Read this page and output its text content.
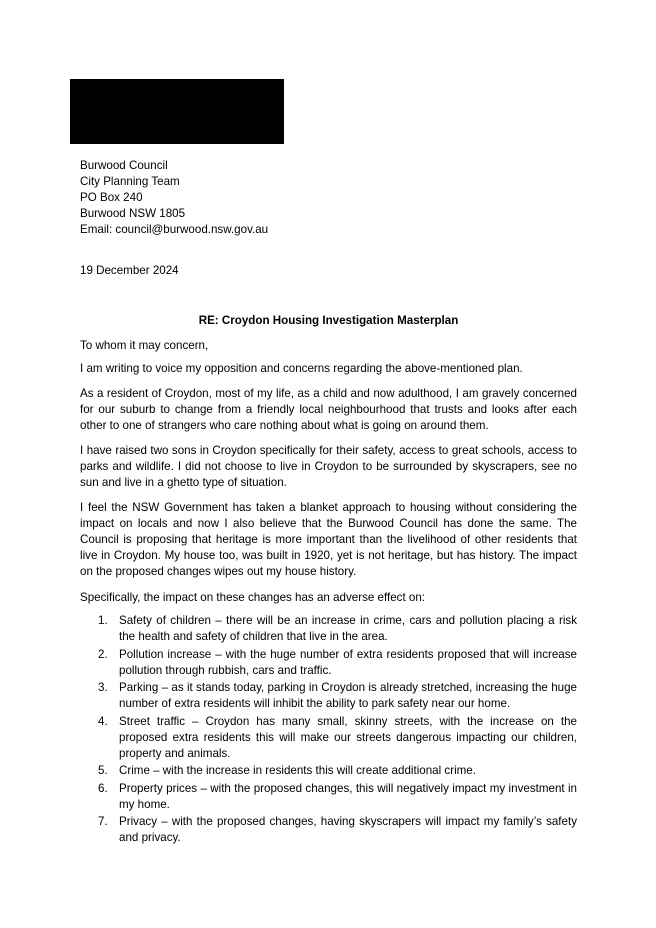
Burwood Council
City Planning Team
PO Box 240
Burwood NSW 1805
Email: council@burwood.nsw.gov.au
19 December 2024
RE: Croydon Housing Investigation Masterplan

To whom it may concern,

I am writing to voice my opposition and concerns regarding the above-mentioned plan.

As a resident of Croydon, most of my life, as a child and now adulthood, I am gravely concerned for our suburb to change from a friendly local neighbourhood that trusts and looks after each other to one of strangers who care nothing about what is going on around them.

I have raised two sons in Croydon specifically for their safety, access to great schools, access to parks and wildlife. I did not choose to live in Croydon to be surrounded by skyscrapers, see no sun and live in a ghetto type of situation.

I feel the NSW Government has taken a blanket approach to housing without considering the impact on locals and now I also believe that the Burwood Council has done the same. The Council is proposing that heritage is more important than the livelihood of other residents that live in Croydon. My house too, was built in 1920, yet is not heritage, but has history. The impact on the proposed changes wipes out my house history.

Specifically, the impact on these changes has an adverse effect on:

1. Safety of children – there will be an increase in crime, cars and pollution placing a risk the health and safety of children that live in the area.
2. Pollution increase – with the huge number of extra residents proposed that will increase pollution through rubbish, cars and traffic.
3. Parking – as it stands today, parking in Croydon is already stretched, increasing the huge number of extra residents will inhibit the ability to park safety near our home.
4. Street traffic – Croydon has many small, skinny streets, with the increase on the proposed extra residents this will make our streets dangerous impacting our children, property and animals.
5. Crime – with the increase in residents this will create additional crime.
6. Property prices – with the proposed changes, this will negatively impact my investment in my home.
7. Privacy – with the proposed changes, having skyscrapers will impact my family’s safety and privacy.
